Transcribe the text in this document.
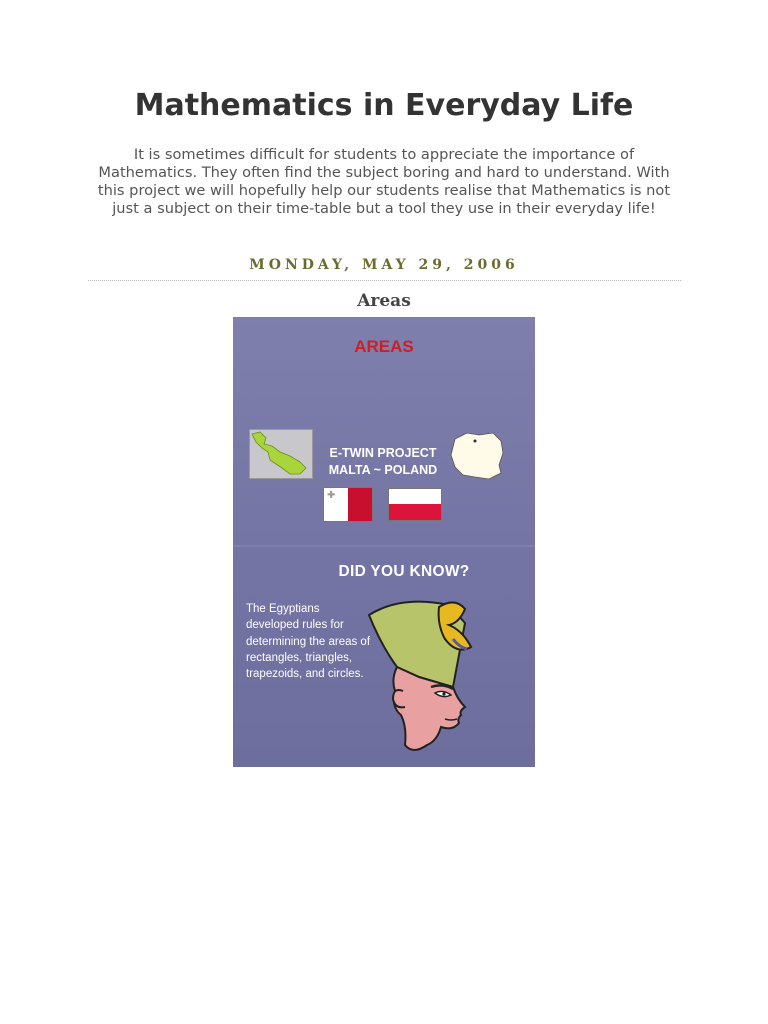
Mathematics in Everyday Life

It is sometimes difficult for students to appreciate the importance of Mathematics. They often find the subject boring and hard to understand. With this project we will hopefully help our students realise that Mathematics is not just a subject on their time-table but a tool they use in their everyday life!

MONDAY, MAY 29, 2006
Areas
AREAS
E-TWIN PROJECT
MALTA ~ POLAND
✚
DID YOU KNOW?

The Egyptians developed rules for determining the areas of rectangles, triangles, trapezoids, and circles.
